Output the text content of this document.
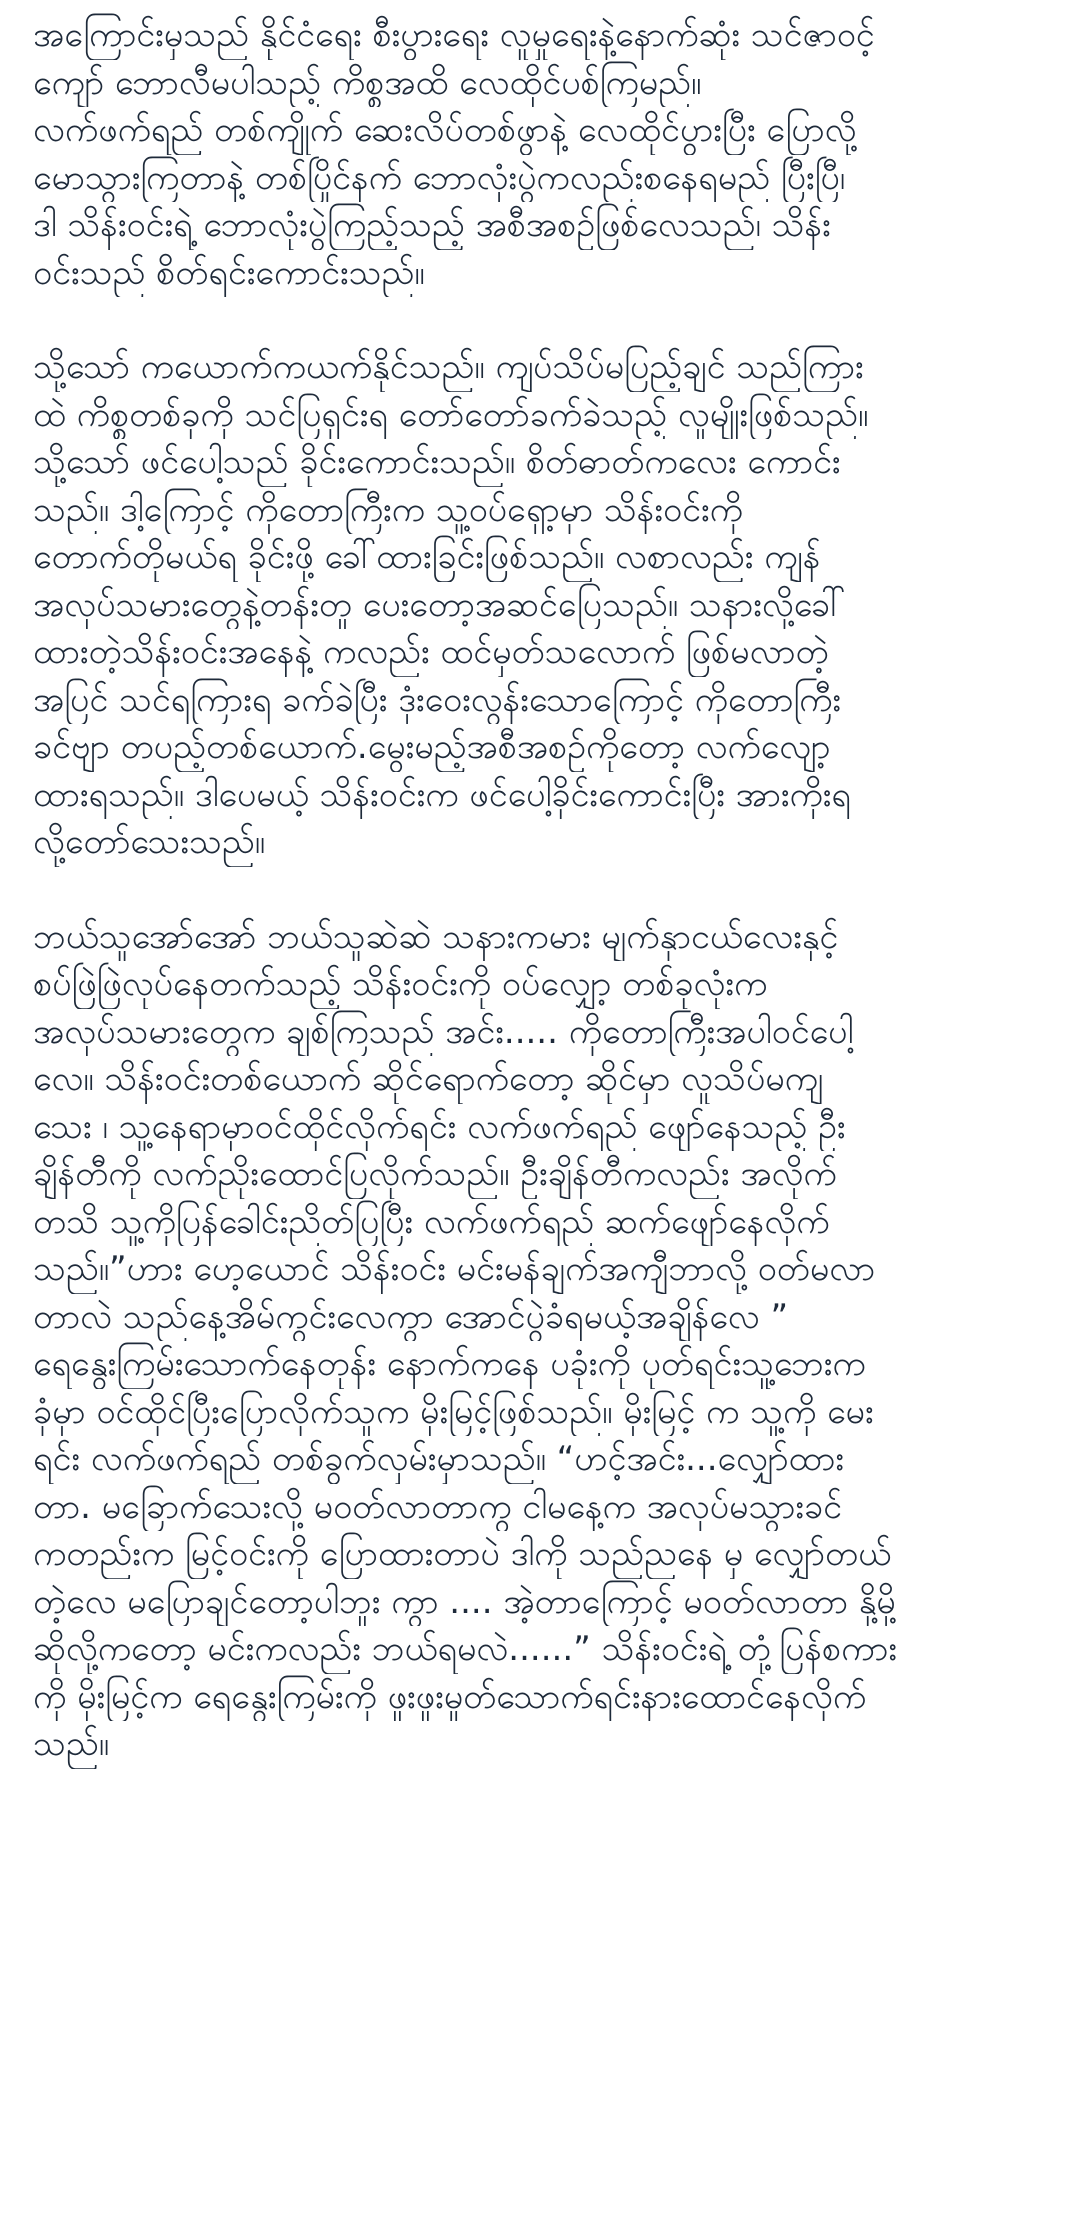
အကြောင်းမှသည် နိုင်ငံရေး စီးပွားရေး လူမှုရေးနဲ့နောက်ဆုံး သင်ဇာဝင့်
ကျော် ဘောလီမပါသည့် ကိစ္စအထိ လေထိုင်ပစ်ကြမည်။
လက်ဖက်ရည် တစ်ကျိုက် ဆေးလိပ်တစ်ဖွာနဲ့ လေထိုင်ပွားပြီး ပြောလို့
မောသွားကြတာနဲ့ တစ်ပြိုင်နက် ဘောလုံးပွဲကလည်းစနေရမည် ပြီးပြီ၊
ဒါ သိန်းဝင်းရဲ့ ဘောလုံးပွဲကြည့်သည့် အစီအစဉ်ဖြစ်လေသည်၊ သိန်း
ဝင်းသည် စိတ်ရင်းကောင်းသည်။
သို့သော် ကယောက်ကယက်နိုင်သည်။ ကျပ်သိပ်မပြည့်ချင် သည်ကြား
ထဲ ကိစ္စတစ်ခုကို သင်ပြရှင်းရ တော်တော်ခက်ခဲသည့် လူမျိုးဖြစ်သည်။
သို့သော် ဖင်ပေါ့သည် ခိုင်းကောင်းသည်။ စိတ်ဓာတ်ကလေး ကောင်း
သည်။ ဒါ့ကြောင့် ကိုတောကြီးက သူ့ဝပ်ရှော့မှာ သိန်းဝင်းကို
တောက်တိုမယ်ရ ခိုင်းဖို့ ခေါ်ထားခြင်းဖြစ်သည်။ လစာလည်း ကျန်
အလုပ်သမားတွေနဲ့တန်းတူ ပေးတော့အဆင်ပြေသည်။ သနားလို့ခေါ်
ထားတဲ့သိန်းဝင်းအနေနဲ့ ကလည်း ထင်မှတ်သလောက် ဖြစ်မလာတဲ့
အပြင် သင်ရကြားရ ခက်ခဲပြီး ဒုံးဝေးလွန်းသောကြောင့် ကိုတောကြီး
ခင်ဗျာ တပည့်တစ်ယောက်.မွေးမည့်အစီအစဉ်ကိုတော့ လက်လျော့
ထားရသည်။ ဒါပေမယ့် သိန်းဝင်းက ဖင်ပေါ့ခိုင်းကောင်းပြီး အားကိုးရ
လို့တော်သေးသည်။
ဘယ်သူအော်အော် ဘယ်သူဆဲဆဲ သနားကမား မျက်နှာငယ်လေးနှင့်
စပ်ဖြဲဖြဲလုပ်နေတက်သည့် သိန်းဝင်းကို ဝပ်လျှော့ တစ်ခုလုံးက
အလုပ်သမားတွေက ချစ်ကြသည် အင်း..... ကိုတောကြီးအပါဝင်ပေါ့
လေ။ သိန်းဝင်းတစ်ယောက် ဆိုင်ရောက်တော့ ဆိုင်မှာ လူသိပ်မကျ
သေး ၊ သူ့နေရာမှာဝင်ထိုင်လိုက်ရင်း လက်ဖက်ရည် ဖျော်နေသည့် ဦး
ချိန်တီကို လက်ညိုးထောင်ပြလိုက်သည်။ ဦးချိန်တီကလည်း အလိုက်
တသိ သူ့ကိုပြန်ခေါင်းညိတ်ပြပြီး လက်ဖက်ရည် ဆက်ဖျော်နေလိုက်
သည်။”ဟား ဟေ့ယောင် သိန်းဝင်း မင်းမန်ချက်အကျီဘာလို့ ဝတ်မလာ
တာလဲ သည်နေ့အိမ်ကွင်းလေကွာ အောင်ပွဲခံရမယ့်အချိန်လေ ”
ရေနွေးကြမ်းသောက်နေတုန်း နောက်ကနေ ပခုံးကို ပုတ်ရင်းသူ့ဘေးက
ခုံမှာ ဝင်ထိုင်ပြီးပြောလိုက်သူက မိုးမြင့်ဖြစ်သည်။ မိုးမြင့် က သူ့ကို မေး
ရင်း လက်ဖက်ရည် တစ်ခွက်လှမ်းမှာသည်။ “ဟင့်အင်း...လျှော်ထား
တာ. မခြောက်သေးလို့ မဝတ်လာတာကွ ငါမနေ့က အလုပ်မသွားခင်
ကတည်းက မြင့်ဝင်းကို ပြောထားတာပဲ ဒါကို သည်ညနေ မှ လျှော်တယ်
တဲ့လေ မပြောချင်တော့ပါဘူး ကွာ .... အဲ့တာကြောင့် မဝတ်လာတာ နို့မို့
ဆိုလို့ကတော့ မင်းကလည်း ဘယ်ရမလဲ......” သိန်းဝင်းရဲ့ တုံ့ပြန်စကား
ကို မိုးမြင့်က ရေနွေးကြမ်းကို ဖူးဖူးမှုတ်သောက်ရင်းနားထောင်နေလိုက်
သည်။
